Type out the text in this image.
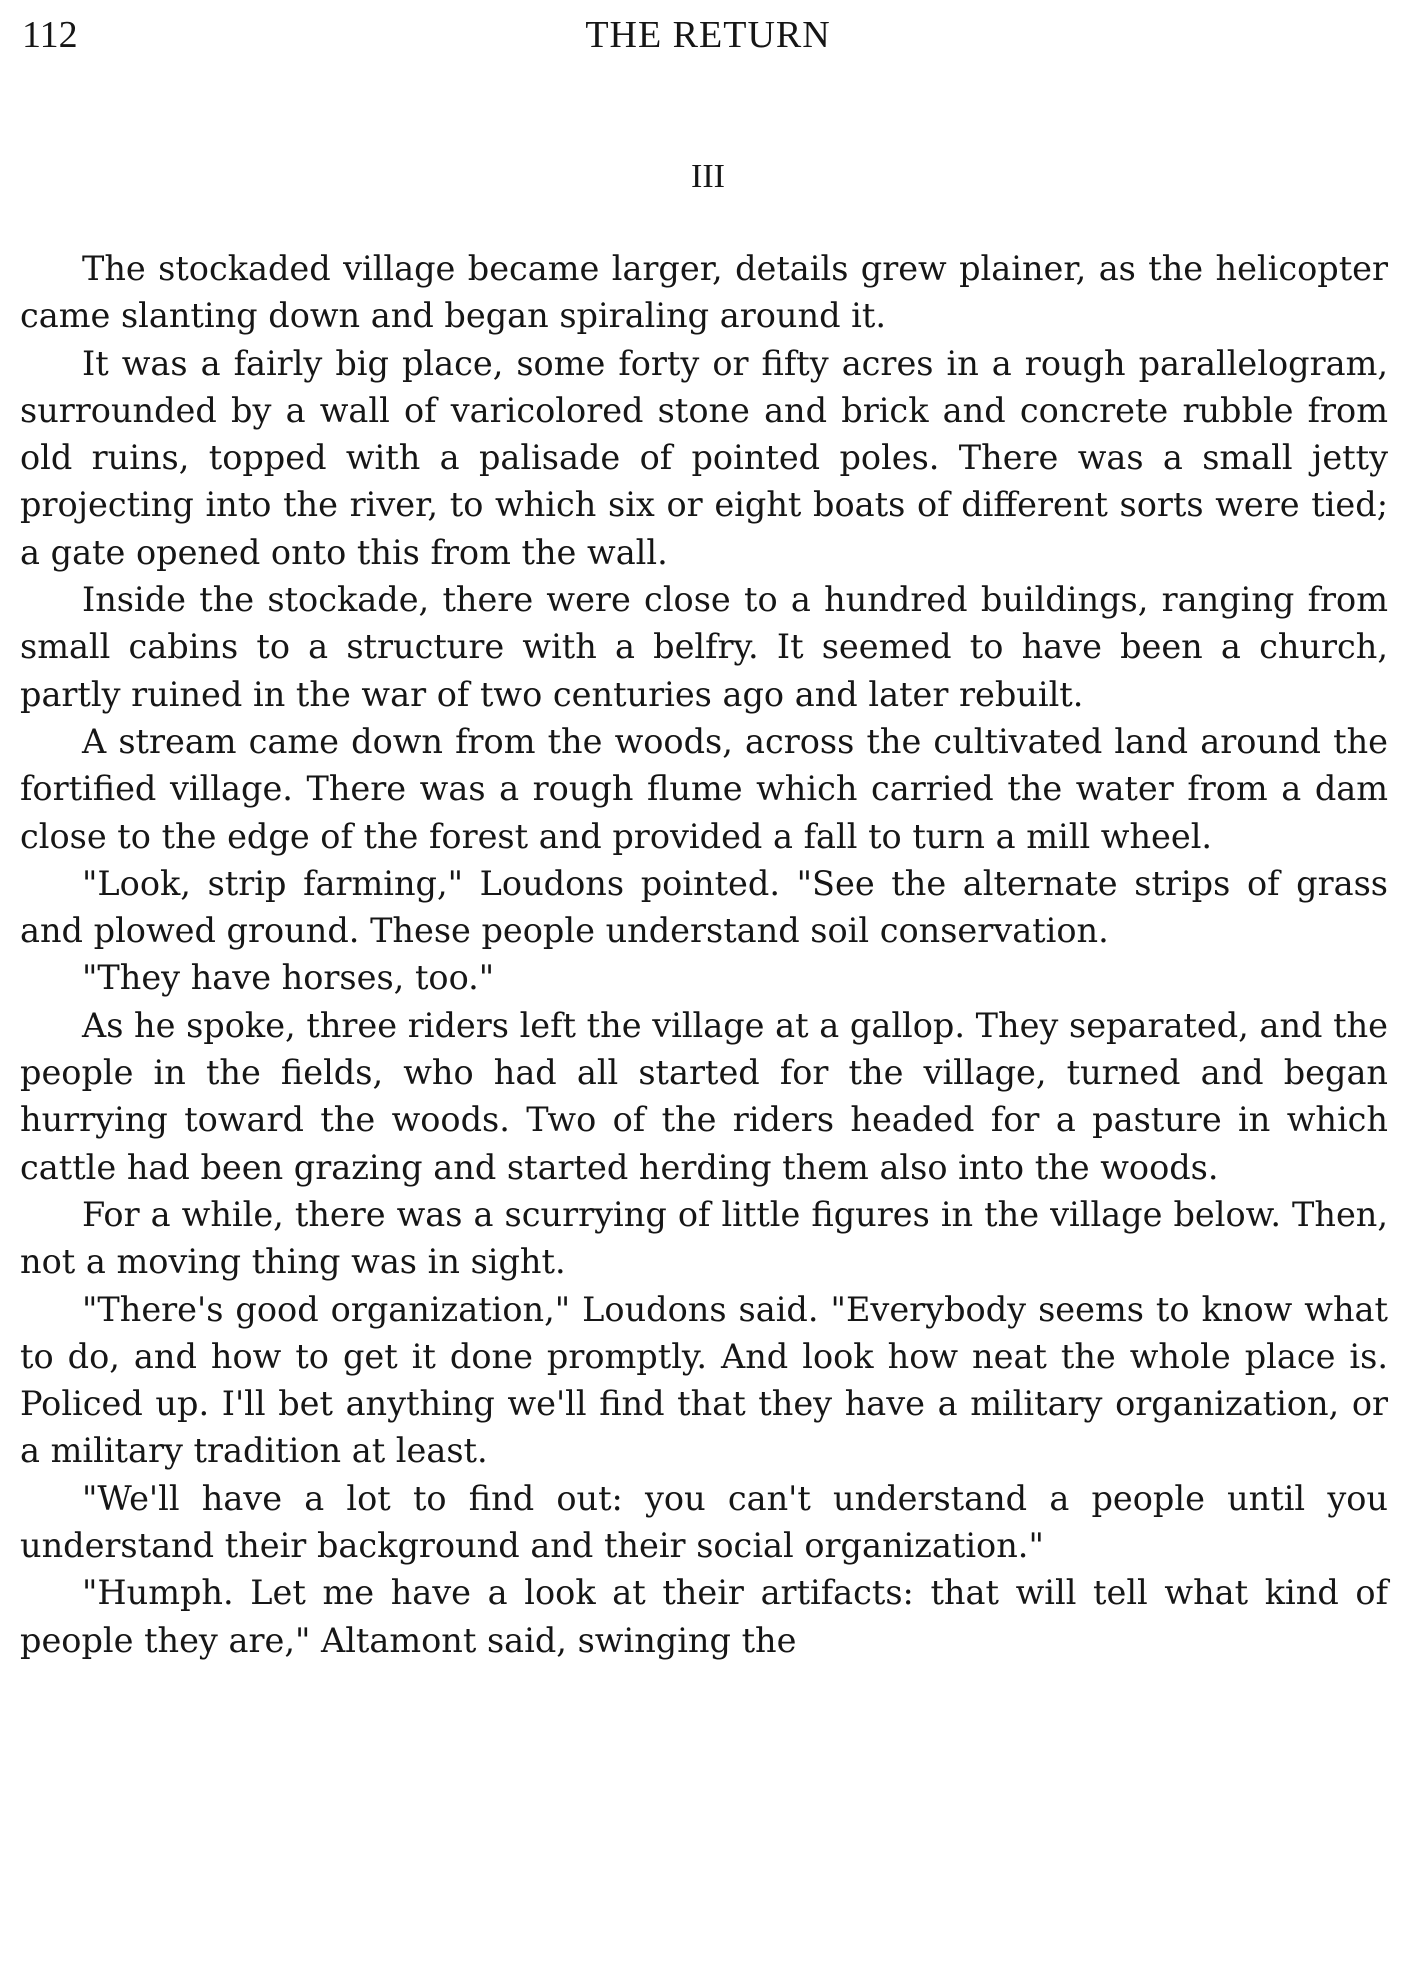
112	THE RETURN
III

The stockaded village became larger, details grew plainer, as the helicopter came slanting down and began spiraling around it.

It was a fairly big place, some forty or fifty acres in a rough parallelogram, surrounded by a wall of varicolored stone and brick and concrete rubble from old ruins, topped with a palisade of pointed poles. There was a small jetty projecting into the river, to which six or eight boats of different sorts were tied; a gate opened onto this from the wall.

Inside the stockade, there were close to a hundred buildings, ranging from small cabins to a structure with a belfry. It seemed to have been a church, partly ruined in the war of two centuries ago and later rebuilt.

A stream came down from the woods, across the cultivated land around the fortified village. There was a rough flume which carried the water from a dam close to the edge of the forest and provided a fall to turn a mill wheel.

"Look, strip farming," Loudons pointed. "See the alternate strips of grass and plowed ground. These people understand soil conservation.

"They have horses, too."

As he spoke, three riders left the village at a gallop. They separated, and the people in the fields, who had all started for the village, turned and began hurrying toward the woods. Two of the riders headed for a pasture in which cattle had been grazing and started herding them also into the woods.

For a while, there was a scurrying of little figures in the village below. Then, not a moving thing was in sight.

"There's good organization," Loudons said. "Everybody seems to know what to do, and how to get it done promptly. And look how neat the whole place is. Policed up. I'll bet anything we'll find that they have a military organization, or a military tradition at least.

"We'll have a lot to find out: you can't understand a people until you understand their background and their social organization."

"Humph. Let me have a look at their artifacts: that will tell what kind of people they are," Altamont said, swinging the
